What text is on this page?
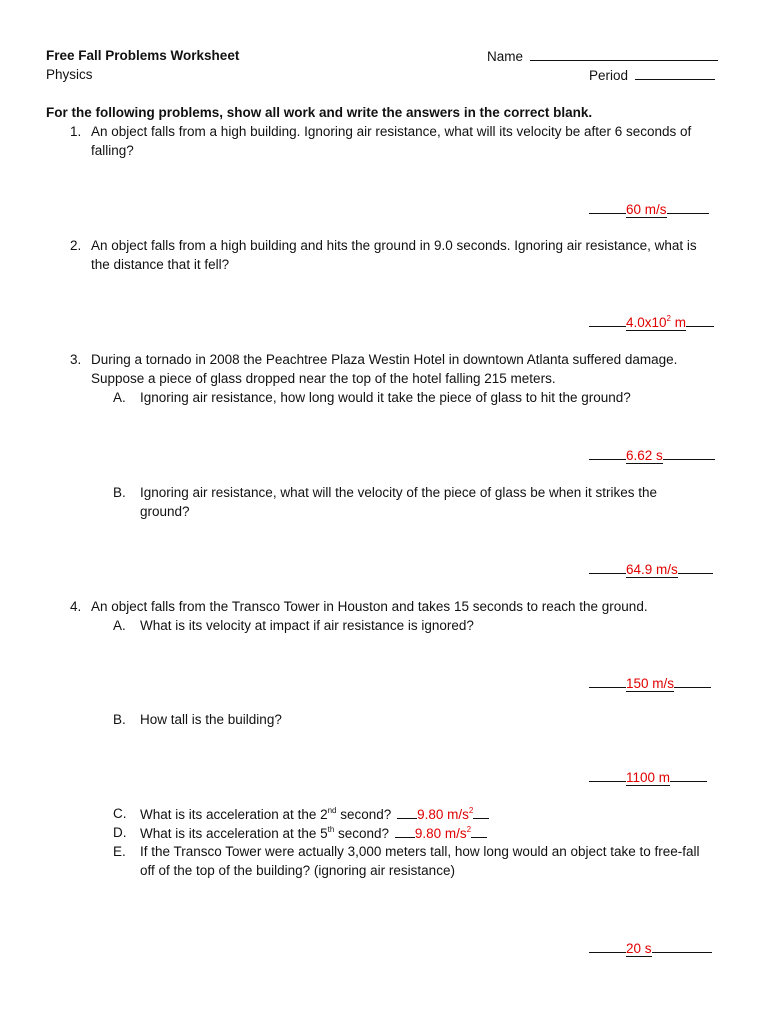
Free Fall Problems Worksheet
Physics
Name
Period
For the following problems, show all work and write the answers in the correct blank.
1. An object falls from a high building. Ignoring air resistance, what will its velocity be after 6 seconds of
falling?
60 m/s
2. An object falls from a high building and hits the ground in 9.0 seconds. Ignoring air resistance, what is
the distance that it fell?
$4.0x10^2$ m
3. During a tornado in 2008 the Peachtree Plaza Westin Hotel in downtown Atlanta suffered damage.
Suppose a piece of glass dropped near the top of the hotel falling 215 meters.
A. Ignoring air resistance, how long would it take the piece of glass to hit the ground?
6.62 s
B. Ignoring air resistance, what will the velocity of the piece of glass be when it strikes the
ground?
64.9 m/s
4. An object falls from the Transco Tower in Houston and takes 15 seconds to reach the ground.
A. What is its velocity at impact if air resistance is ignored?
150 m/s
B. How tall is the building?
1100 m
C. What is its acceleration at the 2nd second? 9.80 $m/s^2$
D. What is its acceleration at the 5th second? 9.80 $m/s^2$
E. If the Transco Tower were actually 3,000 meters tall, how long would an object take to free-fall
off of the top of the building? (ignoring air resistance)
20 s
